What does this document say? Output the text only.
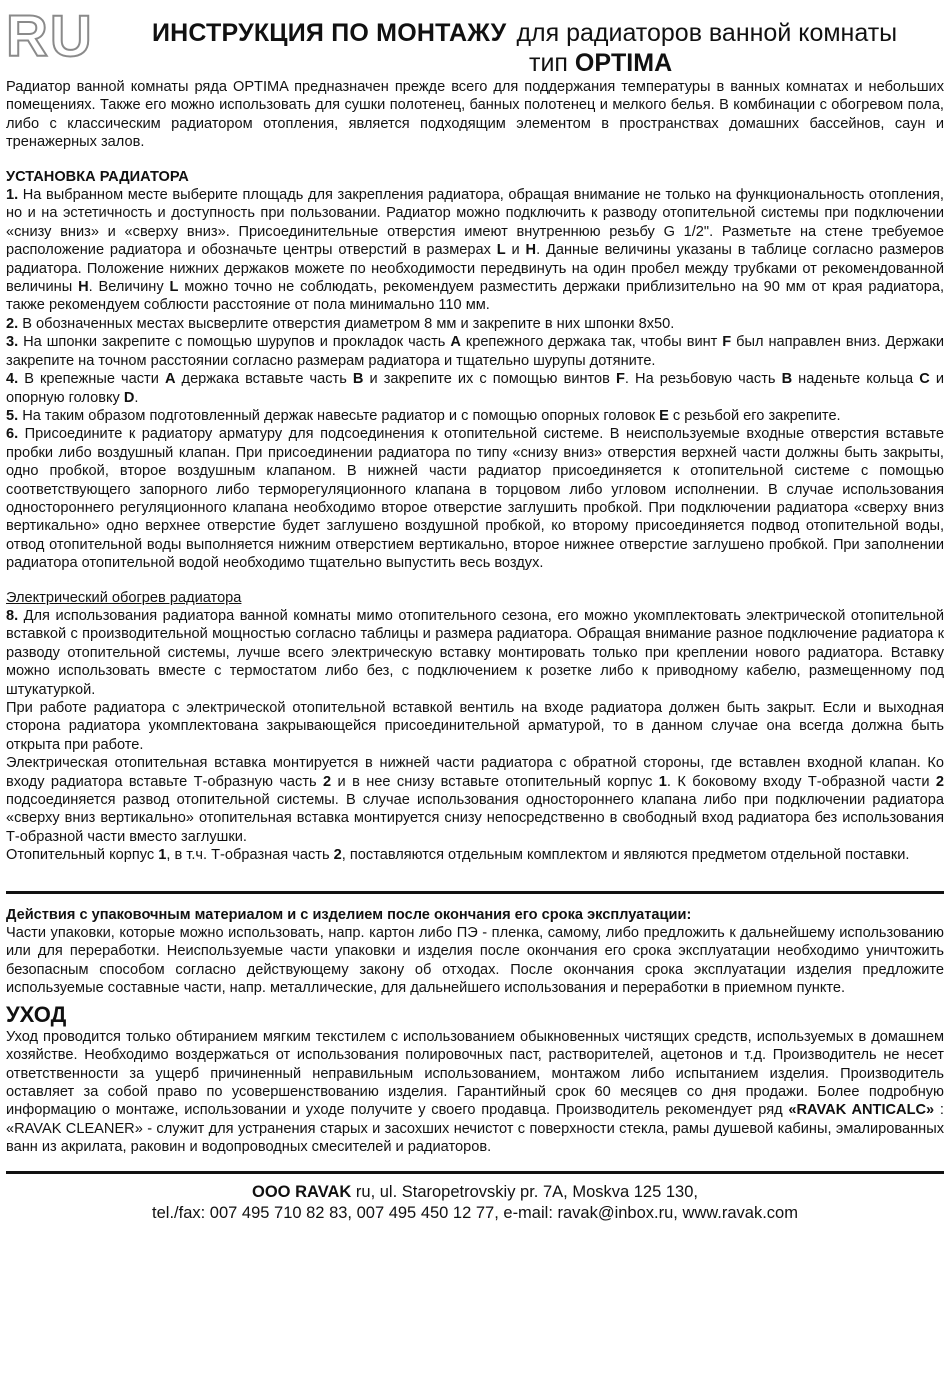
RU ИНСТРУКЦИЯ ПО МОНТАЖУ для радиаторов ванной комнаты
тип OPTIMA

Радиатор ванной комнаты ряда OPTIMA предназначен прежде всего для поддержания температуры в ванных комнатах и небольших помещениях. Также его можно использовать для сушки полотенец, банных полотенец и мелкого белья. В комбинации с обогревом пола, либо с классическим радиатором отопления, является подходящим элементом в пространствах домашних бассейнов, саун и тренажерных залов.

УСТАНОВКА РАДИАТОРА

1. На выбранном месте выберите площадь для закрепления радиатора, обращая внимание не только на функциональность отопления, но и на эстетичность и доступность при пользовании. Радиатор можно подключить к разводу отопительной системы при подключении «снизу вниз» и «сверху вниз». Присоединительные отверстия имеют внутреннюю резьбу G 1/2". Разметьте на стене требуемое расположение радиатора и обозначьте центры отверстий в размерах L и H. Данные величины указаны в таблице согласно размеров радиатора. Положение нижних держаков можете по необходимости передвинуть на один пробел между трубками от рекомендованной величины H. Величину L можно точно не соблюдать, рекомендуем разместить держаки приблизительно на 90 мм от края радиатора, также рекомендуем соблюсти расстояние от пола минимально 110 мм.

2. В обозначенных местах высверлите отверстия диаметром 8 мм и закрепите в них шпонки 8х50.

3. На шпонки закрепите с помощью шурупов и прокладок часть A крепежного держака так, чтобы винт F был направлен вниз. Держаки закрепите на точном расстоянии согласно размерам радиатора и тщательно шурупы дотяните.

4. В крепежные части A держака вставьте часть B и закрепите их с помощью винтов F. На резьбовую часть B наденьте кольца C и опорную головку D.

5. На таким образом подготовленный держак навесьте радиатор и с помощью опорных головок E с резьбой его закрепите.

6. Присоедините к радиатору арматуру для подсоединения к отопительной системе. В неиспользуемые входные отверстия вставьте пробки либо воздушный клапан. При присоединении радиатора по типу «снизу вниз» отверстия верхней части должны быть закрыты, одно пробкой, второе воздушным клапаном. В нижней части радиатор присоединяется к отопительной системе с помощью соответствующего запорного либо терморегуляционного клапана в торцовом либо угловом исполнении. В случае использования одностороннего регуляционного клапана необходимо второе отверстие заглушить пробкой. При подключении радиатора «сверху вниз вертикально» одно верхнее отверстие будет заглушено воздушной пробкой, ко второму присоединяется подвод отопительной воды, отвод отопительной воды выполняется нижним отверстием вертикально, второе нижнее отверстие заглушено пробкой. При заполнении радиатора отопительной водой необходимо тщательно выпустить весь воздух.

Электрический обогрев радиатора

8. Для использования радиатора ванной комнаты мимо отопительного сезона, его можно укомплектовать электрической отопительной вставкой с производительной мощностью согласно таблицы и размера радиатора. Обращая внимание разное подключение радиатора к разводу отопительной системы, лучше всего электрическую вставку монтировать только при креплении нового радиатора. Вставку можно использовать вместе с термостатом либо без, с подключением к розетке либо к приводному кабелю, размещенному под штукатуркой.

При работе радиатора с электрической отопительной вставкой вентиль на входе радиатора должен быть закрыт. Если и выходная сторона радиатора укомплектована закрывающейся присоединительной арматурой, то в данном случае она всегда должна быть открыта при работе.

Электрическая отопительная вставка монтируется в нижней части радиатора с обратной стороны, где вставлен входной клапан. Ко входу радиатора вставьте Т-образную часть 2 и в нее снизу вставьте отопительный корпус 1. К боковому входу Т-образной части 2 подсоединяется развод отопительной системы. В случае использования одностороннего клапана либо при подключении радиатора «сверху вниз вертикально» отопительная вставка монтируется снизу непосредственно в свободный вход радиатора без использования Т-образной части вместо заглушки.

Отопительный корпус 1, в т.ч. Т-образная часть 2, поставляются отдельным комплектом и являются предметом отдельной поставки.

Действия с упаковочным материалом и с изделием после окончания его срока эксплуатации:

Части упаковки, которые можно использовать, напр. картон либо ПЭ - пленка, самому, либо предложить к дальнейшему использованию или для переработки. Неиспользуемые части упаковки и изделия после окончания его срока эксплуатации необходимо уничтожить безопасным способом согласно действующему закону об отходах. После окончания срока эксплуатации изделия предложите используемые составные части, напр. металлические, для дальнейшего использования и переработки в приемном пункте.

УХОД

Уход проводится только обтиранием мягким текстилем с использованием обыкновенных чистящих средств, используемых в домашнем хозяйстве. Необходимо воздержаться от использования полировочных паст, растворителей, ацетонов и т.д. Производитель не несет ответственности за ущерб причиненный неправильным использованием, монтажом либо испытанием изделия. Производитель оставляет за собой право по усовершенствованию изделия. Гарантийный срок 60 месяцев со дня продажи. Более подробную информацию о монтаже, использовании и уходе получите у своего продавца. Производитель рекомендует ряд «RAVAK ANTICALC» : «RAVAK CLEANER» - служит для устранения старых и засохших нечистот с поверхности стекла, рамы душевой кабины, эмалированных ванн из акрилата, раковин и водопроводных смесителей и радиаторов.

OOO RAVAK ru, ul. Staropetrovskiy pr. 7A, Moskva 125 130,
tel./fax: 007 495 710 82 83, 007 495 450 12 77, e-mail: ravak@inbox.ru, www.ravak.com
